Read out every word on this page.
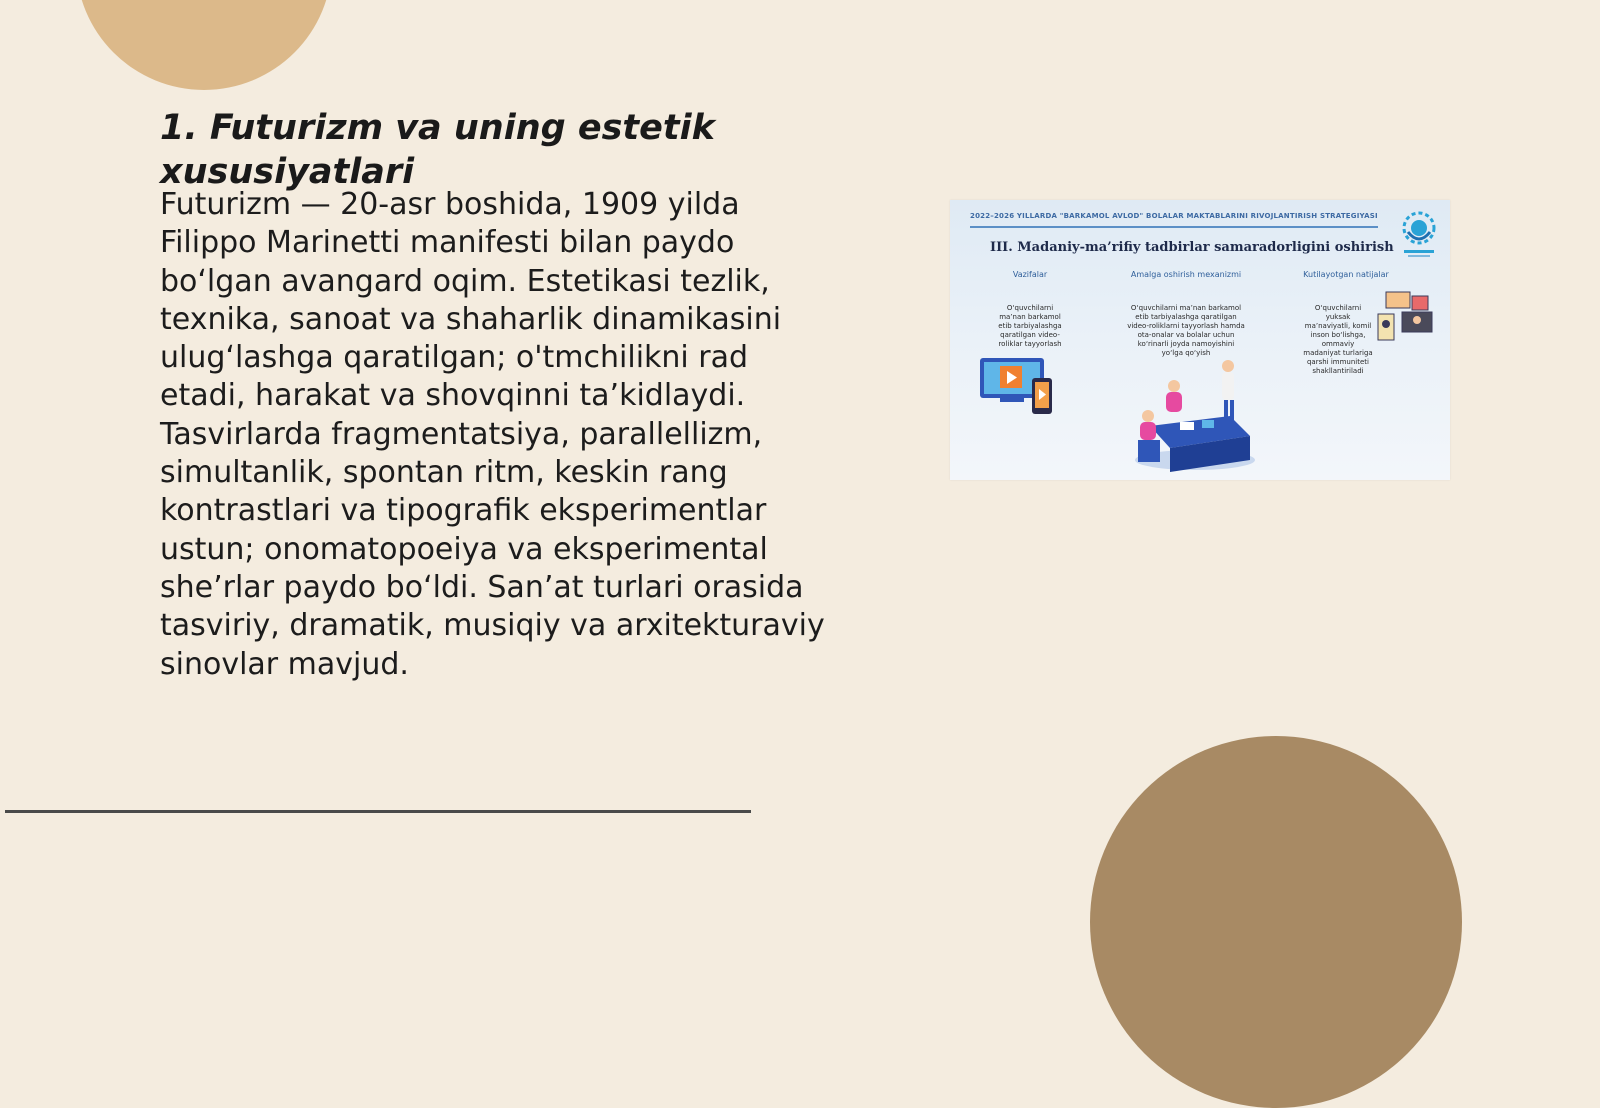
1. Futurizm va uning estetik xususiyatlari

Futurizm — 20-asr boshida, 1909 yilda Filippo Marinetti manifesti bilan paydo bo‘lgan avangard oqim. Estetikasi tezlik, texnika, sanoat va shaharlik dinamikasini ulug‘lashga qaratilgan; o'tmchilikni rad etadi, harakat va shovqinni ta’kidlaydi. Tasvirlarda fragmentatsiya, parallellizm, simultanlik, spontan ritm, keskin rang kontrastlari va tipografik eksperimentlar ustun; onomatopoeiya va eksperimental she’rlar paydo bo‘ldi. San’at turlari orasida tasviriy, dramatik, musiqiy va arxitekturaviy sinovlar mavjud.

2022–2026 YILLARDA "BARKAMOL AVLOD" BOLALAR MAKTABLARINI RIVOJLANTIRISH STRATEGIYASI
III. Madaniy-ma’rifiy tadbirlar samaradorligini oshirish
Vazifalar	Amalga oshirish mexanizmi	Kutilayotgan natijalar
O‘quvchilarni ma’nan barkamol etib tarbiyalashga qaratilgan video-roliklar tayyorlash
O‘quvchilarni ma’nan barkamol etib tarbiyalashga qaratilgan video-roliklarni tayyorlash hamda ota-onalar va bolalar uchun ko‘rinarli joyda namoyishini yo‘lga qo‘yish
O‘quvchilarni yuksak ma’naviyatli, komil inson bo‘lishga, ommaviy madaniyat turlariga qarshi immuniteti shakllantiriladi
